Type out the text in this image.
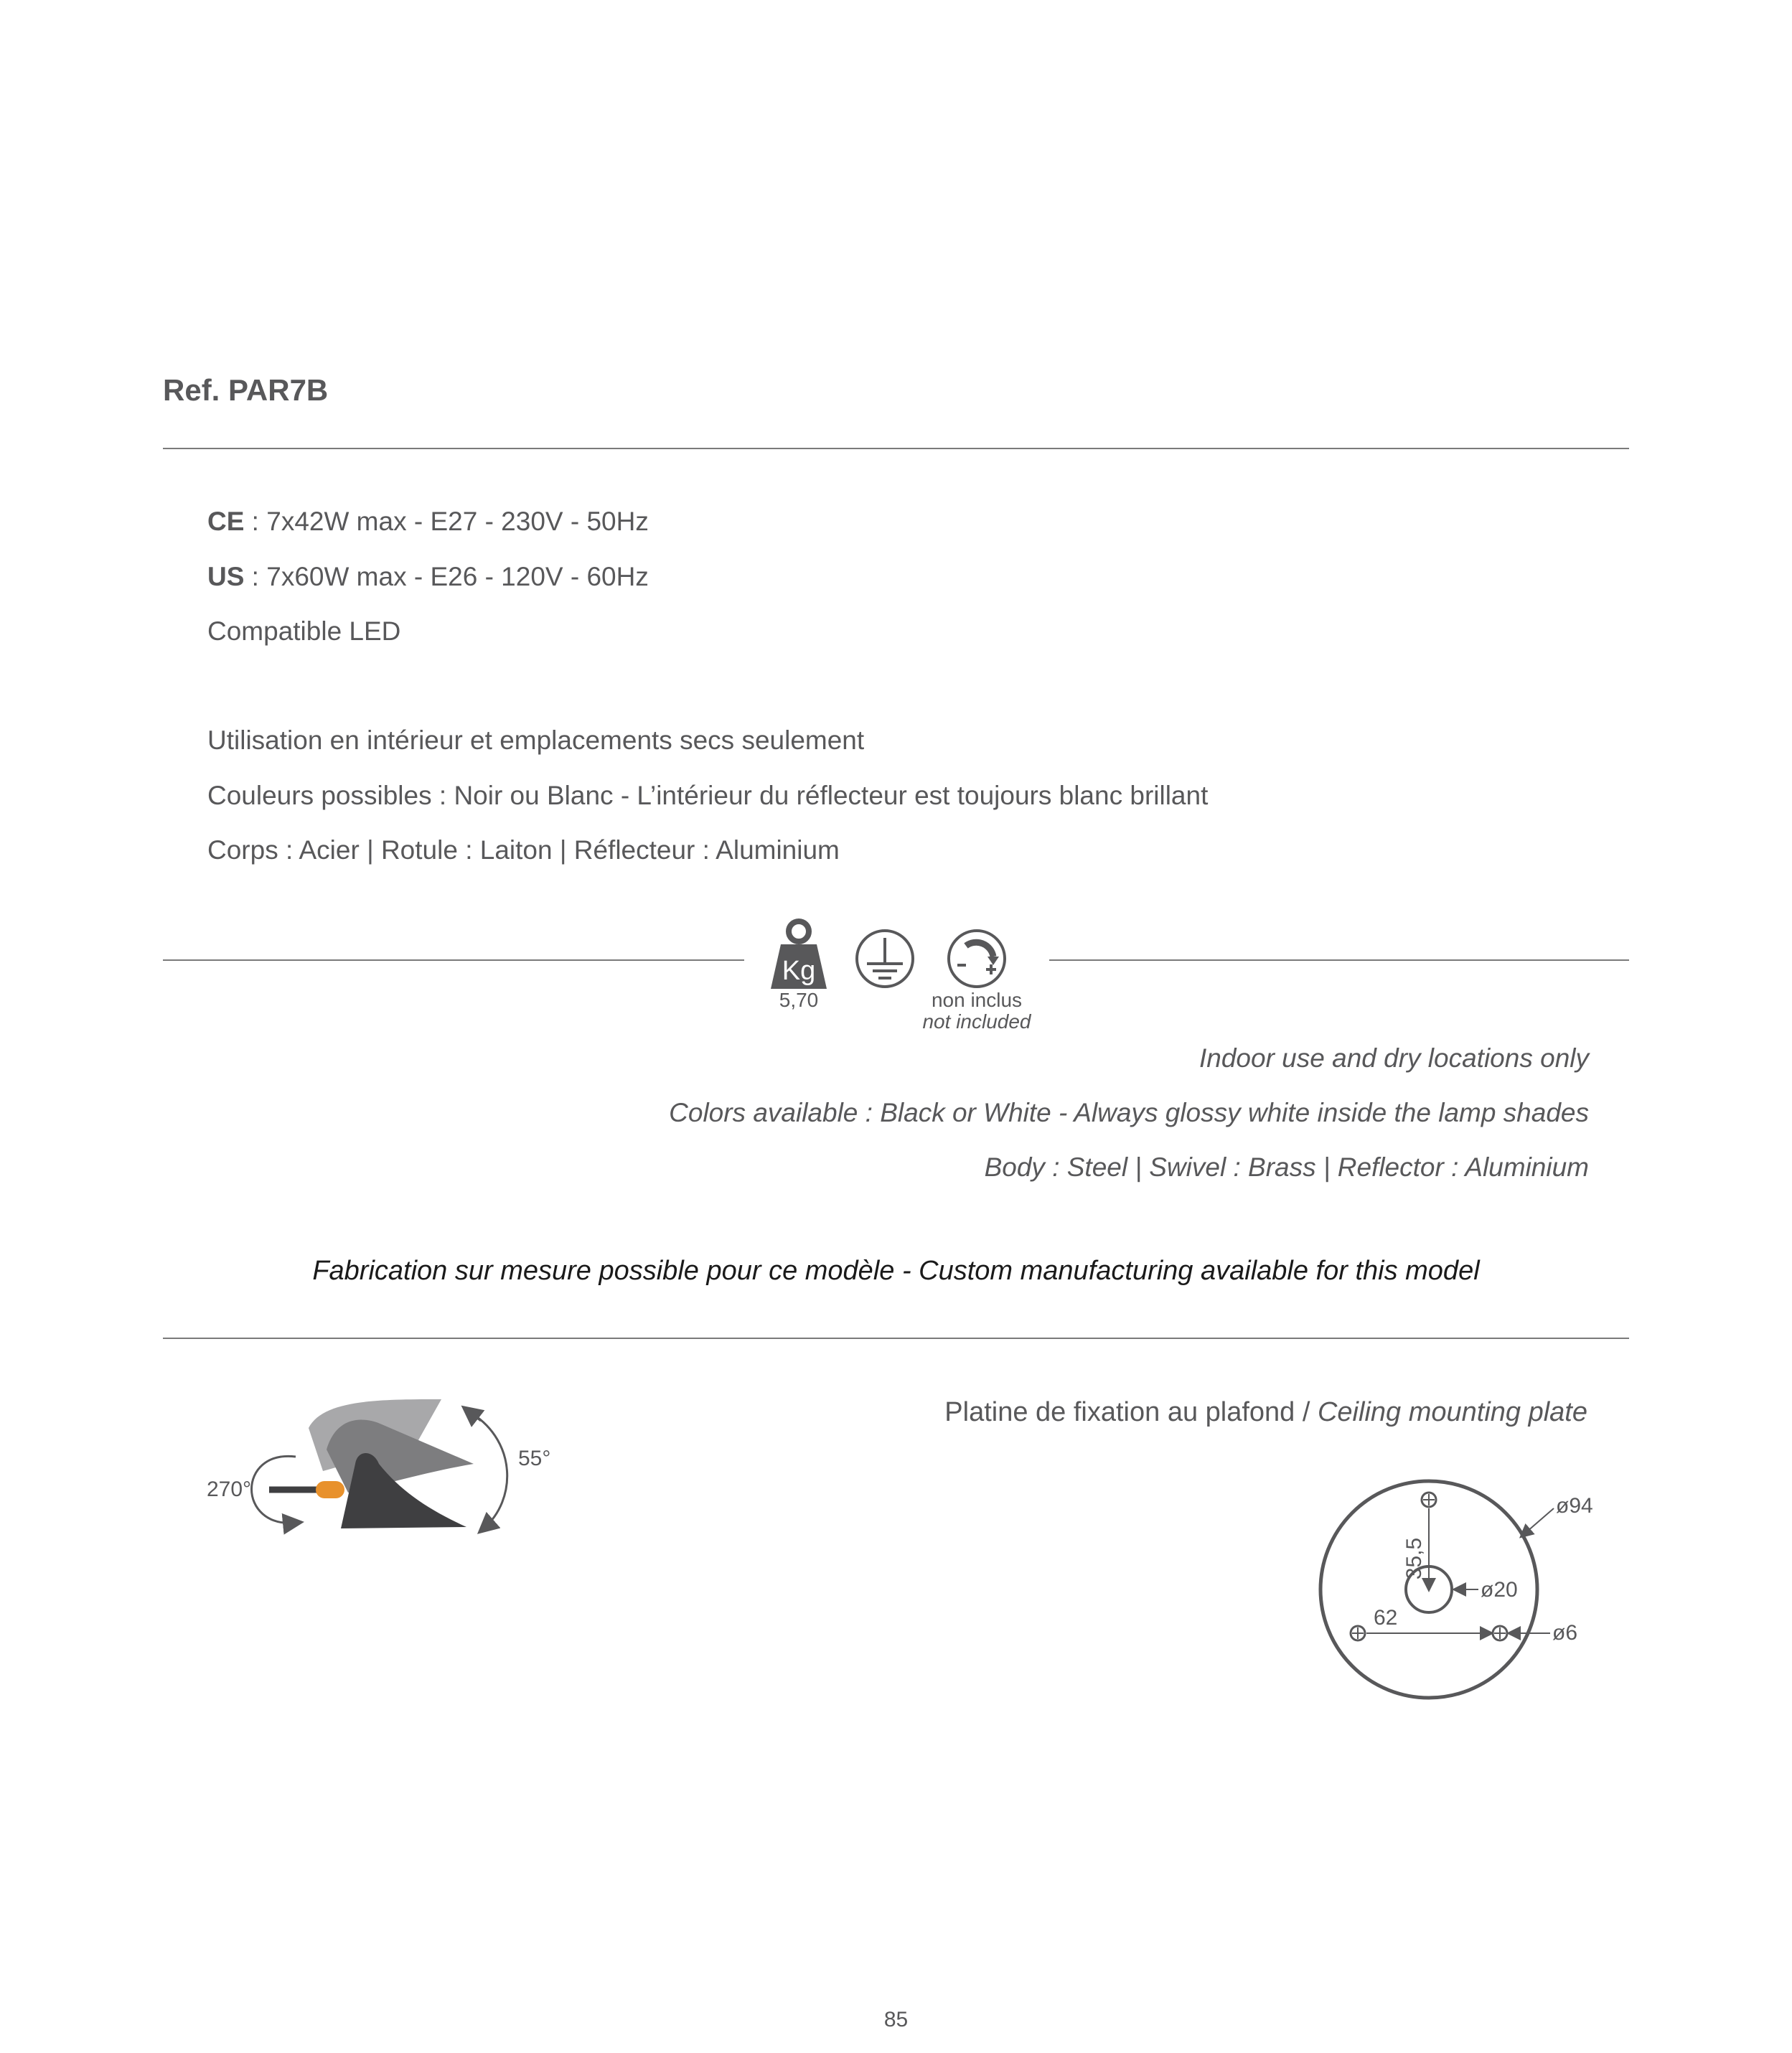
Ref. PAR7B
CE : 7x42W max - E27 - 230V - 50Hz
US : 7x60W max - E26 - 120V - 60Hz
Compatible LED
Utilisation en intérieur et emplacements secs seulement
Couleurs possibles : Noir ou Blanc - L’intérieur du réflecteur est toujours blanc brillant
Corps : Acier | Rotule : Laiton | Réflecteur : Aluminium
Kg
5,70	non inclus
not included
Indoor use and dry locations only
Colors available : Black or White - Always glossy white inside the lamp shades
Body : Steel | Swivel : Brass | Reflector : Aluminium
Fabrication sur mesure possible pour ce modèle - Custom manufacturing available for this model
270°
55°
Platine de fixation au plafond / Ceiling mounting plate
35,5
62
ø94
ø20
ø6
85
